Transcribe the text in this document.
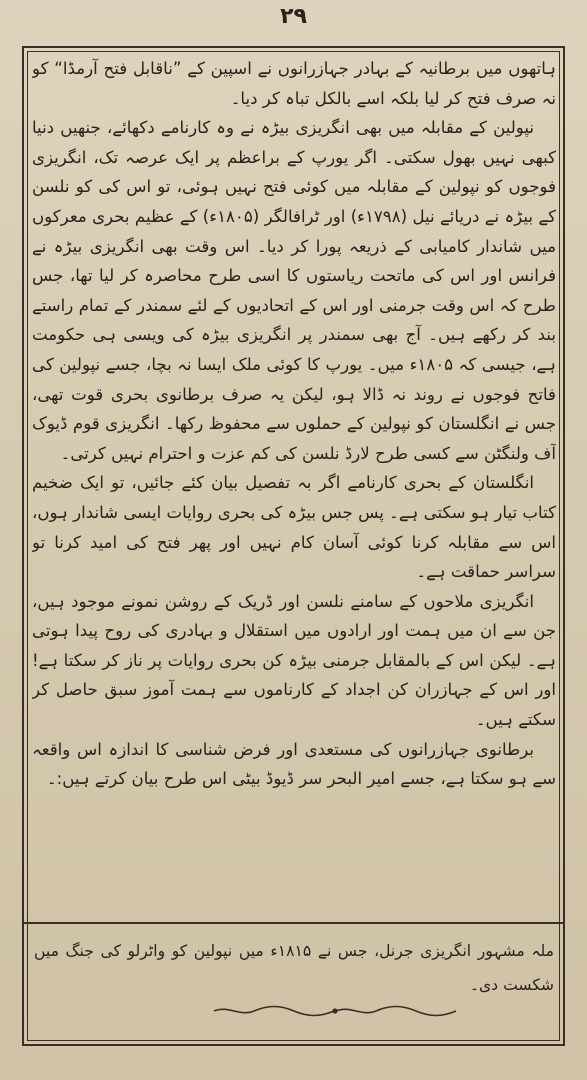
۲۹

ہاتھوں میں برطانیہ کے بہادر جہازرانوں نے اسپین کے ”ناقابل فتح آرمڈا“ کو نہ صرف فتح کر لیا بلکہ اسے بالکل تباہ کر دیا۔

نپولین کے مقابلہ میں بھی انگریزی بیڑہ نے وہ کارنامے دکھائے، جنھیں دنیا کبھی نہیں بھول سکتی۔ اگر یورپ کے براعظم پر ایک عرصہ تک، انگریزی فوجوں کو نپولین کے مقابلہ میں کوئی فتح نہیں ہوئی، تو اس کی کو نلسن کے بیڑہ نے دریائے نیل (۱۷۹۸ء) اور ٹرافالگر (۱۸۰۵ء) کے عظیم بحری معرکوں میں شاندار کامیابی کے ذریعہ پورا کر دیا۔ اس وقت بھی انگریزی بیڑہ نے فرانس اور اس کی ماتحت ریاستوں کا اسی طرح محاصرہ کر لیا تھا، جس طرح کہ اس وقت جرمنی اور اس کے اتحادیوں کے لئے سمندر کے تمام راستے بند کر رکھے ہیں۔ آج بھی سمندر پر انگریزی بیڑہ کی ویسی ہی حکومت ہے، جیسی کہ ۱۸۰۵ء میں۔ یورپ کا کوئی ملک ایسا نہ بچا، جسے نپولین کی فاتح فوجوں نے روند نہ ڈالا ہو، لیکن یہ صرف برطانوی بحری قوت تھی، جس نے انگلستان کو نپولین کے حملوں سے محفوظ رکھا۔ انگریزی قوم ڈیوک آف ولنگٹن سے کسی طرح لارڈ نلسن کی کم عزت و احترام نہیں کرتی۔

انگلستان کے بحری کارنامے اگر بہ تفصیل بیان کئے جائیں، تو ایک ضخیم کتاب تیار ہو سکتی ہے۔ پس جس بیڑہ کی بحری روایات ایسی شاندار ہوں، اس سے مقابلہ کرنا کوئی آسان کام نہیں اور پھر فتح کی امید کرنا تو سراسر حماقت ہے۔

انگریزی ملاحوں کے سامنے نلسن اور ڈریک کے روشن نمونے موجود ہیں، جن سے ان میں ہمت اور ارادوں میں استقلال و بہادری کی روح پیدا ہوتی ہے۔ لیکن اس کے بالمقابل جرمنی بیڑہ کن بحری روایات پر ناز کر سکتا ہے! اور اس کے جہازران کن اجداد کے کارناموں سے ہمت آموز سبق حاصل کر سکتے ہیں۔

برطانوی جہازرانوں کی مستعدی اور فرض شناسی کا اندازہ اس واقعہ سے ہو سکتا ہے، جسے امیر البحر سر ڈیوڈ بیٹی اس طرح بیان کرتے ہیں:۔

ملہ مشہور انگریزی جرنل، جس نے ۱۸۱۵ء میں نپولین کو واٹرلو کی جنگ میں شکست دی۔
